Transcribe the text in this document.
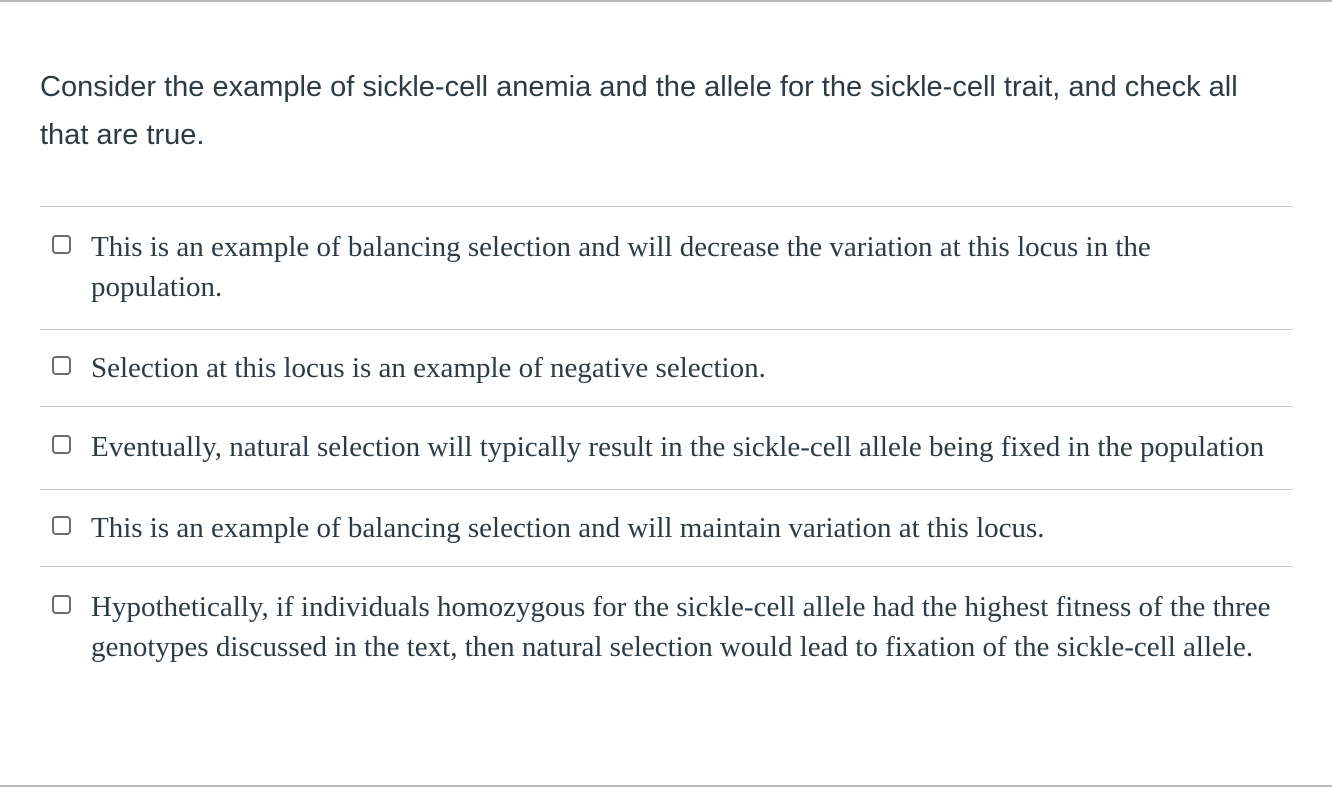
Consider the example of sickle-cell anemia and the allele for the sickle-cell trait, and check all that are true.

This is an example of balancing selection and will decrease the variation at this locus in the population.
Selection at this locus is an example of negative selection.
Eventually, natural selection will typically result in the sickle-cell allele being fixed in the population
This is an example of balancing selection and will maintain variation at this locus.
Hypothetically, if individuals homozygous for the sickle-cell allele had the highest fitness of the three genotypes discussed in the text, then natural selection would lead to fixation of the sickle-cell allele.
